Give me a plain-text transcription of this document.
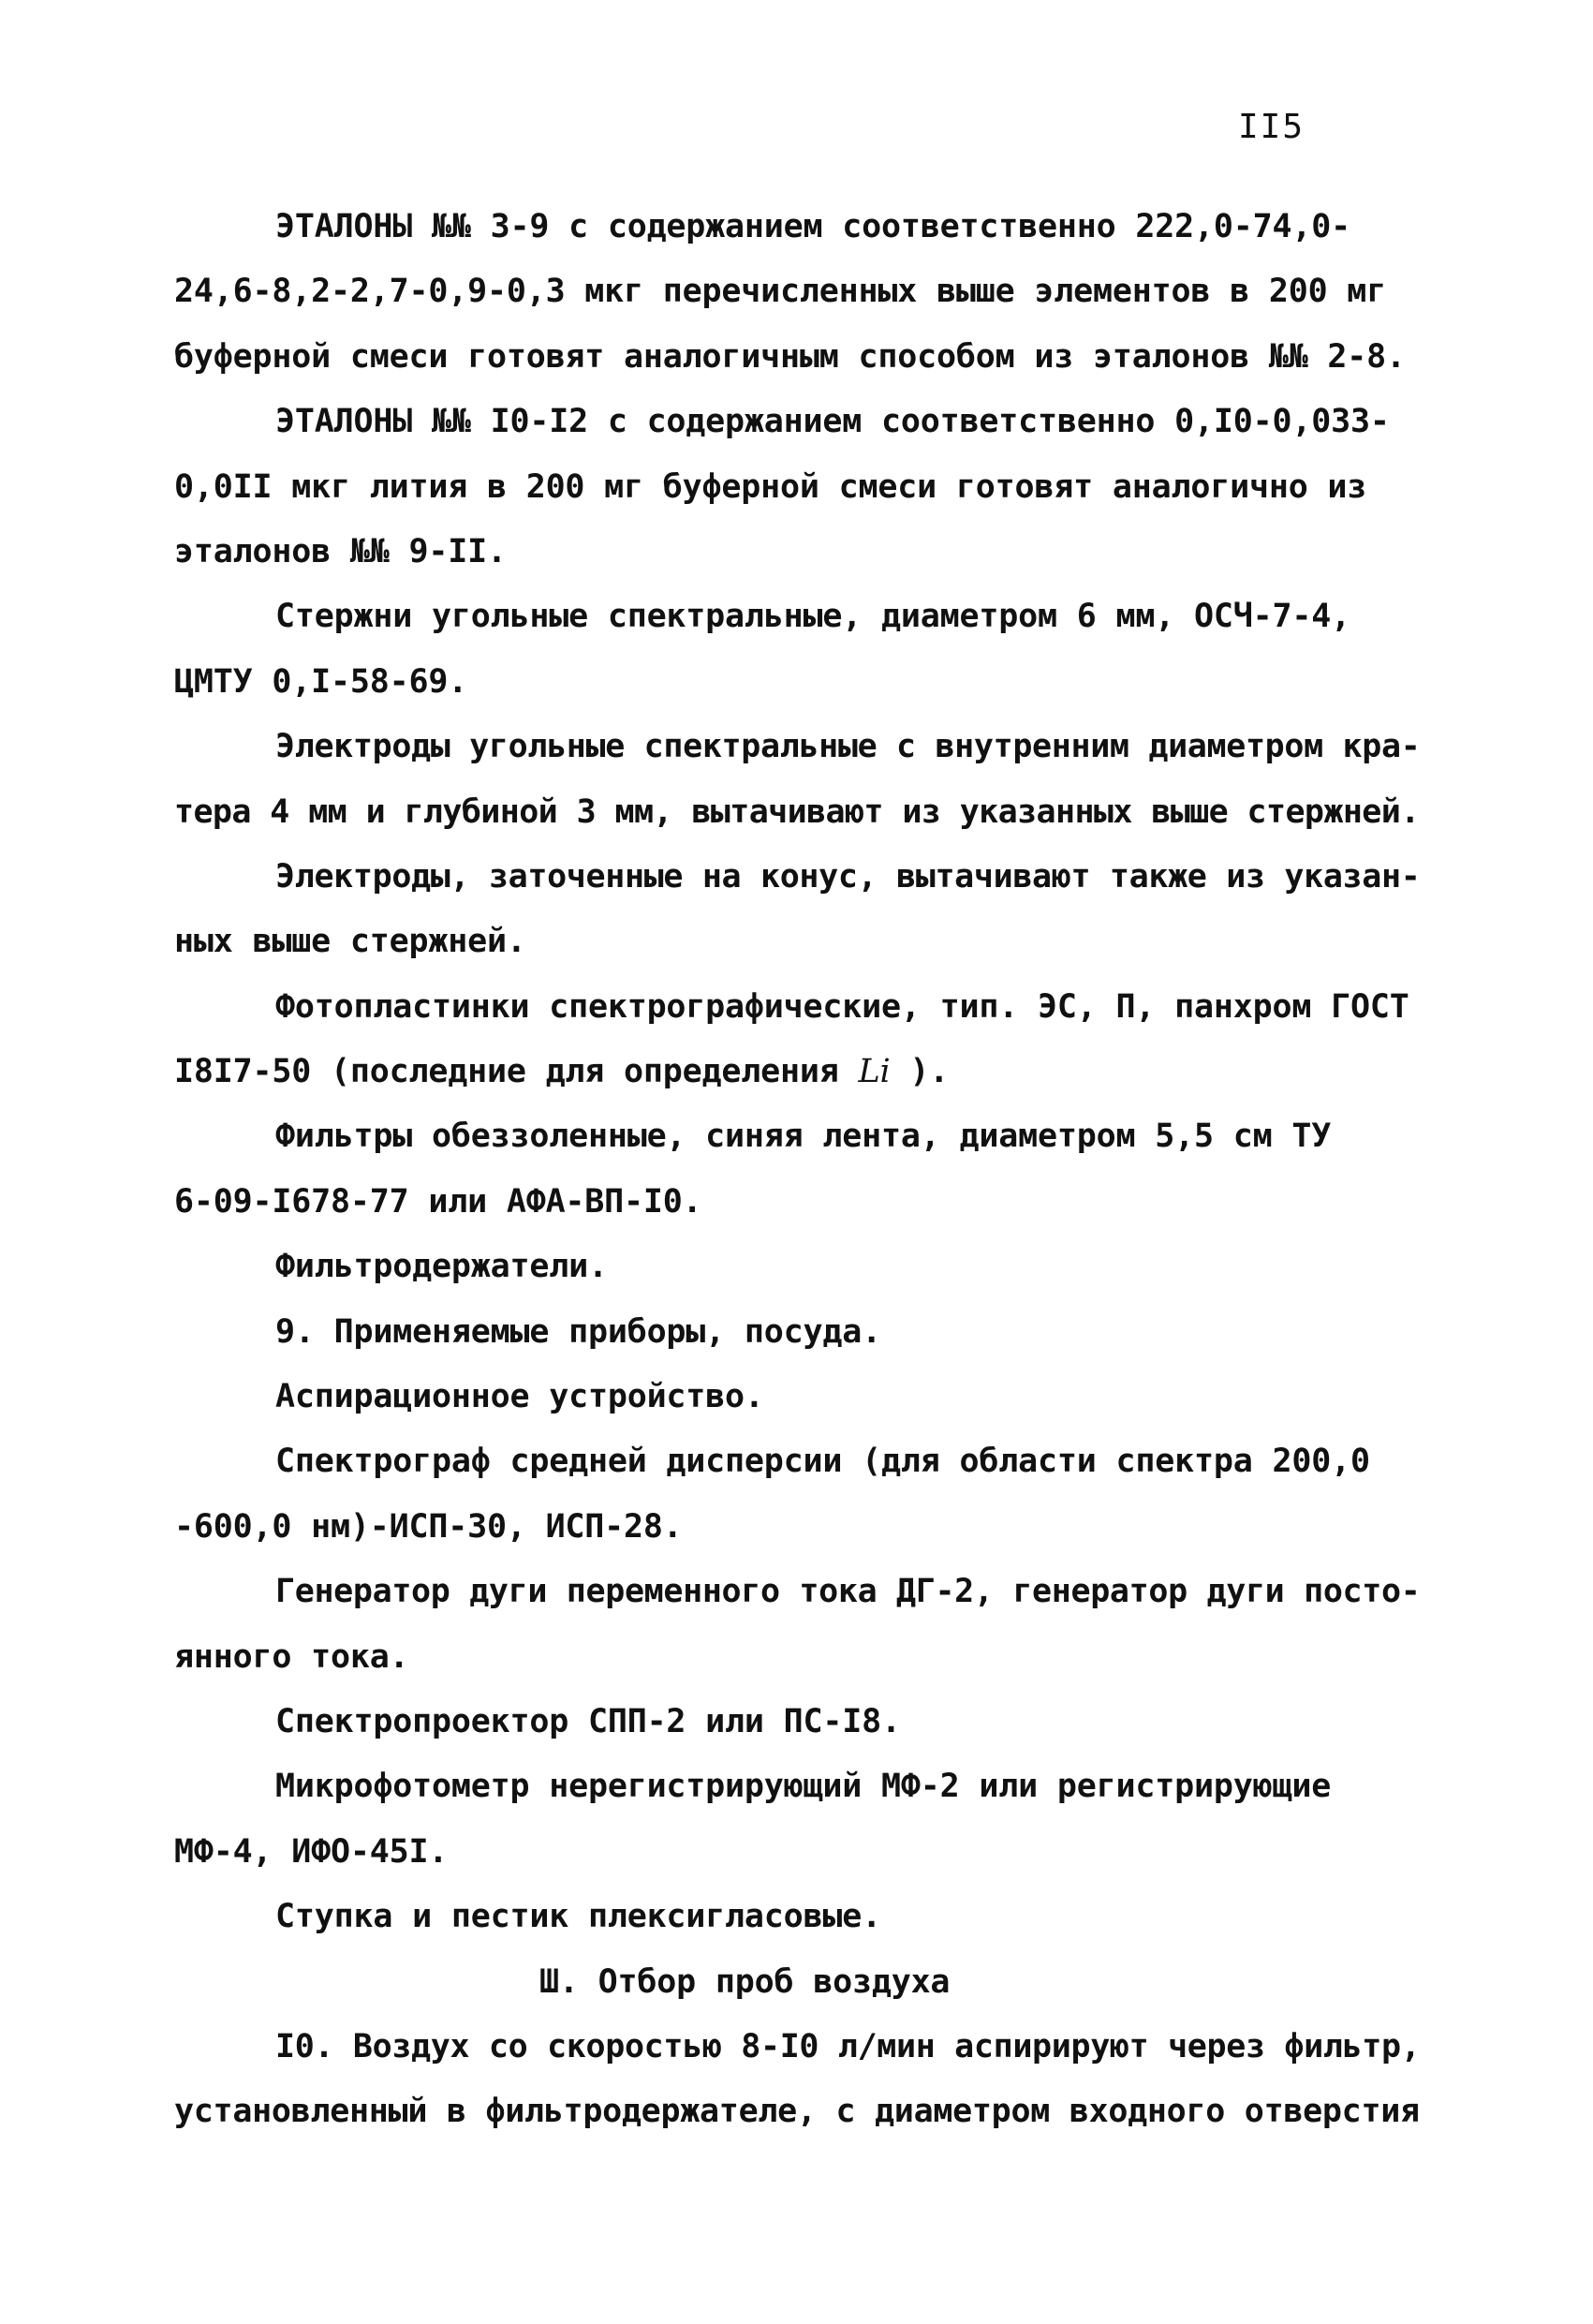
II5
ЭТАЛОНЫ №№ 3-9 с содержанием соответственно 222,0-74,0-
24,6-8,2-2,7-0,9-0,3 мкг перечисленных выше элементов в 200 мг
буферной смеси готовят аналогичным способом из эталонов №№ 2-8.
ЭТАЛОНЫ №№ I0-I2 с содержанием соответственно 0,I0-0,033-
0,0II мкг лития в 200 мг буферной смеси готовят аналогично из
эталонов №№ 9-II.
Стержни угольные спектральные, диаметром 6 мм, ОСЧ-7-4,
ЦМТУ 0,I-58-69.
Электроды угольные спектральные с внутренним диаметром кра-
тера 4 мм и глубиной 3 мм, вытачивают из указанных выше стержней.
Электроды, заточенные на конус, вытачивают также из указан-
ных выше стержней.
Фотопластинки спектрографические, тип. ЭС, П, панхром ГОСТ
I8I7-50 (последние для определения Li ).
Фильтры обеззоленные, синяя лента, диаметром 5,5 см ТУ
6-09-I678-77 или АФА-ВП-I0.
Фильтродержатели.
9. Применяемые приборы, посуда.
Аспирационное устройство.
Спектрограф средней дисперсии (для области спектра 200,0
-600,0 нм)-ИСП-30, ИСП-28.
Генератор дуги переменного тока ДГ-2, генератор дуги посто-
янного тока.
Спектропроектор СПП-2 или ПС-I8.
Микрофотометр нерегистрирующий МФ-2 или регистрирующие
МФ-4, ИФО-45I.
Ступка и пестик плексигласовые.
Ш. Отбор проб воздуха
I0. Воздух со скоростью 8-I0 л/мин аспирируют через фильтр,
установленный в фильтродержателе, с диаметром входного отверстия
